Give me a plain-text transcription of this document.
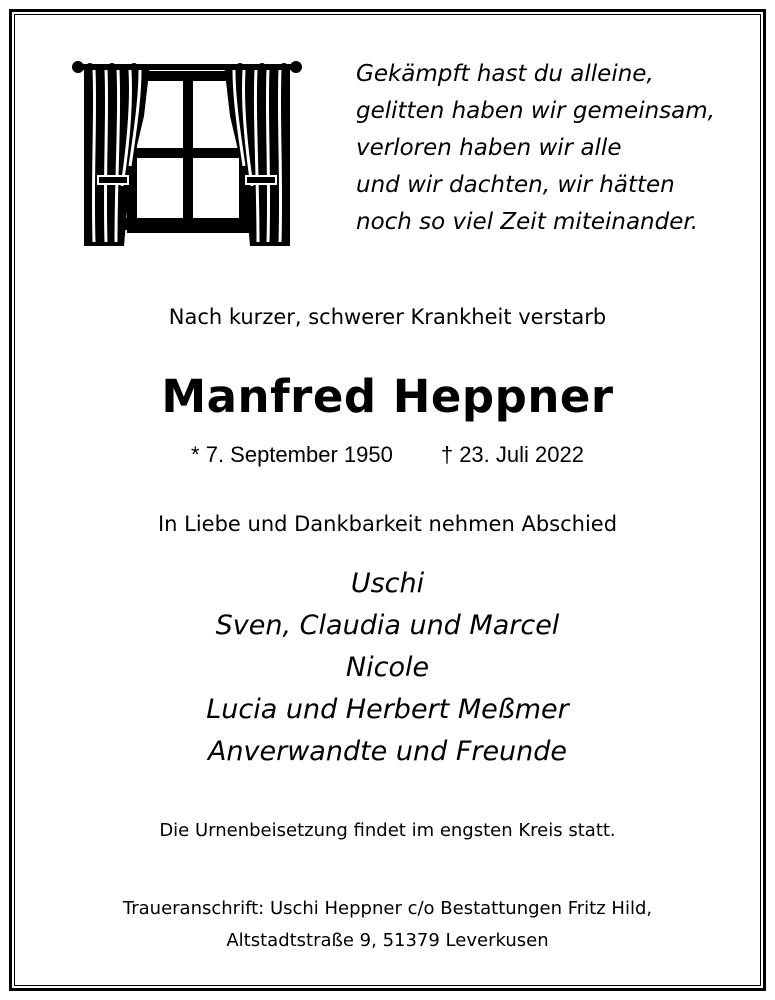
Gekämpft hast du alleine,
gelitten haben wir gemeinsam,
verloren haben wir alle
und wir dachten, wir hätten
noch so viel Zeit miteinander.
Nach kurzer, schwerer Krankheit verstarb
Manfred Heppner
* 7. September 1950 † 23. Juli 2022
In Liebe und Dankbarkeit nehmen Abschied
Uschi
Sven, Claudia und Marcel
Nicole
Lucia und Herbert Meßmer
Anverwandte und Freunde
Die Urnenbeisetzung findet im engsten Kreis statt.
Traueranschrift: Uschi Heppner c/o Bestattungen Fritz Hild,
Altstadtstraße 9, 51379 Leverkusen
